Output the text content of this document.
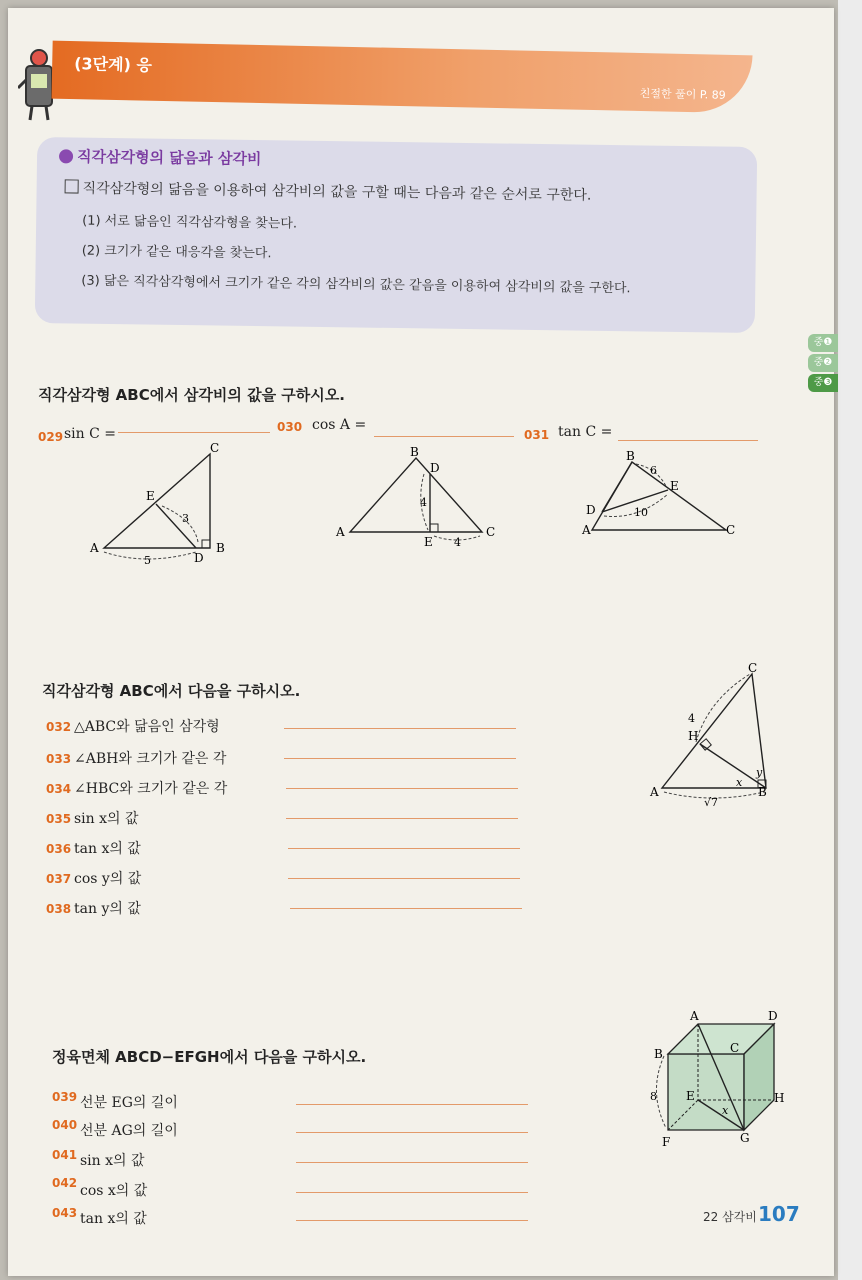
(3단계) 응
친절한 풀이 P. 89
직각삼각형의 닮음과 삼각비
직각삼각형의 닮음을 이용하여 삼각비의 값을 구할 때는 다음과 같은 순서로 구한다.
(1) 서로 닮음인 직각삼각형을 찾는다.
(2) 크기가 같은 대응각을 찾는다.
(3) 닮은 직각삼각형에서 크기가 같은 각의 삼각비의 값은 같음을 이용하여 삼각비의 값을 구한다.
중❶
중❷
중❸
직각삼각형 ABC에서 삼각비의 값을 구하시오.
029 sin C =	030 cos A =
031 tan C =
A	B
C
D
E
3
5
A
B
C
D
E
4
4
B
A	C
D
E
6
10
직각삼각형 ABC에서 다음을 구하시오.
032 △ABC와 닮음인 삼각형
033 ∠ABH와 크기가 같은 각
034 ∠HBC와 크기가 같은 각
035 sin x의 값
036 tan x의 값
037 cos y의 값
038 tan y의 값
A	B
C
H
x
y
4
√7
정육면체 ABCD−EFGH에서 다음을 구하시오.
039 선분 EG의 길이
040 선분 AG의 길이
041 sin x의 값
042 cos x의 값
043 tan x의 값
A
B	C
D
E
F	G
H
x
8
22 삼각비 107
